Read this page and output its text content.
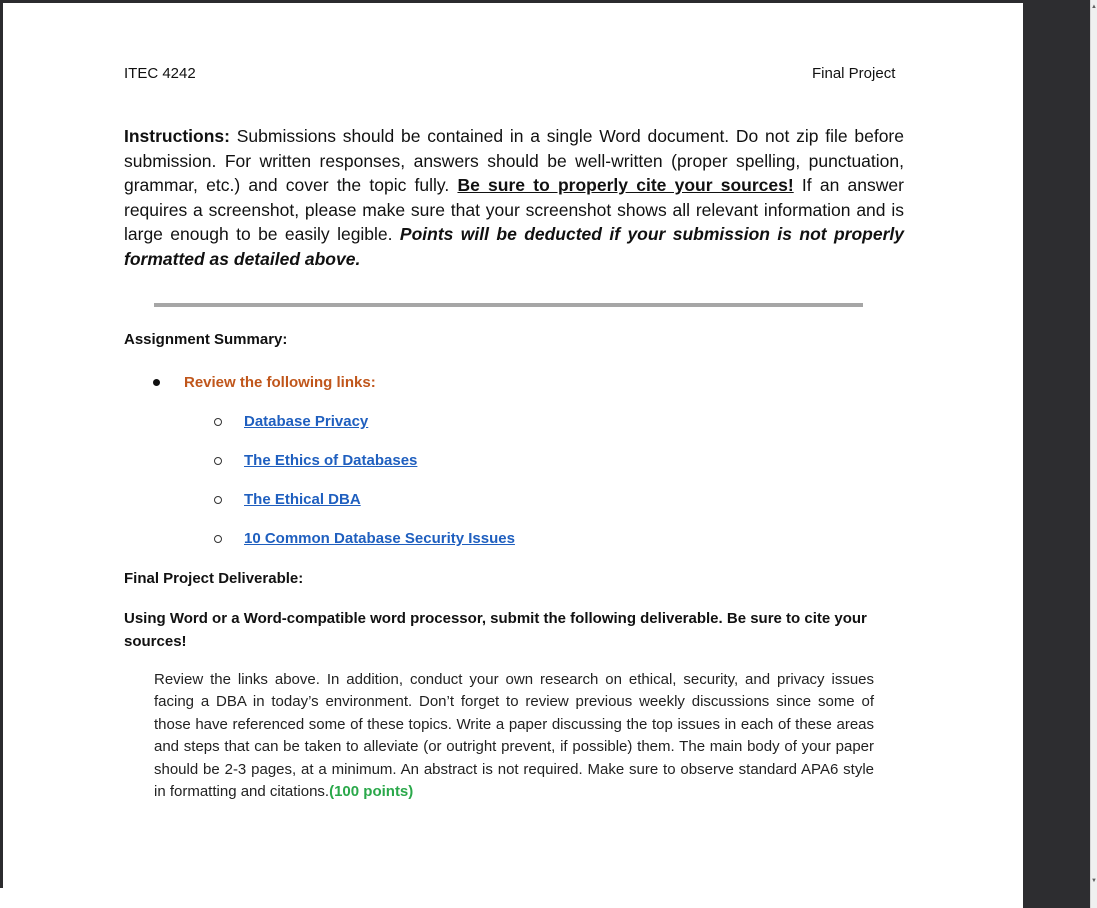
ITEC 4242	Final Project
Instructions: Submissions should be contained in a single Word document. Do not zip file before submission. For written responses, answers should be well-written (proper spelling, punctuation, grammar, etc.) and cover the topic fully. Be sure to properly cite your sources! If an answer requires a screenshot, please make sure that your screenshot shows all relevant information and is large enough to be easily legible. Points will be deducted if your submission is not properly formatted as detailed above.
Assignment Summary:
Review the following links:
Database Privacy
The Ethics of Databases
The Ethical DBA
10 Common Database Security Issues
Final Project Deliverable:
Using Word or a Word-compatible word processor, submit the following deliverable. Be sure to cite your sources!
Review the links above. In addition, conduct your own research on ethical, security, and privacy issues facing a DBA in today’s environment. Don’t forget to review previous weekly discussions since some of those have referenced some of these topics. Write a paper discussing the top issues in each of these areas and steps that can be taken to alleviate (or outright prevent, if possible) them. The main body of your paper should be 2-3 pages, at a minimum. An abstract is not required. Make sure to observe standard APA6 style in formatting and citations.(100 points)
▲
▼
